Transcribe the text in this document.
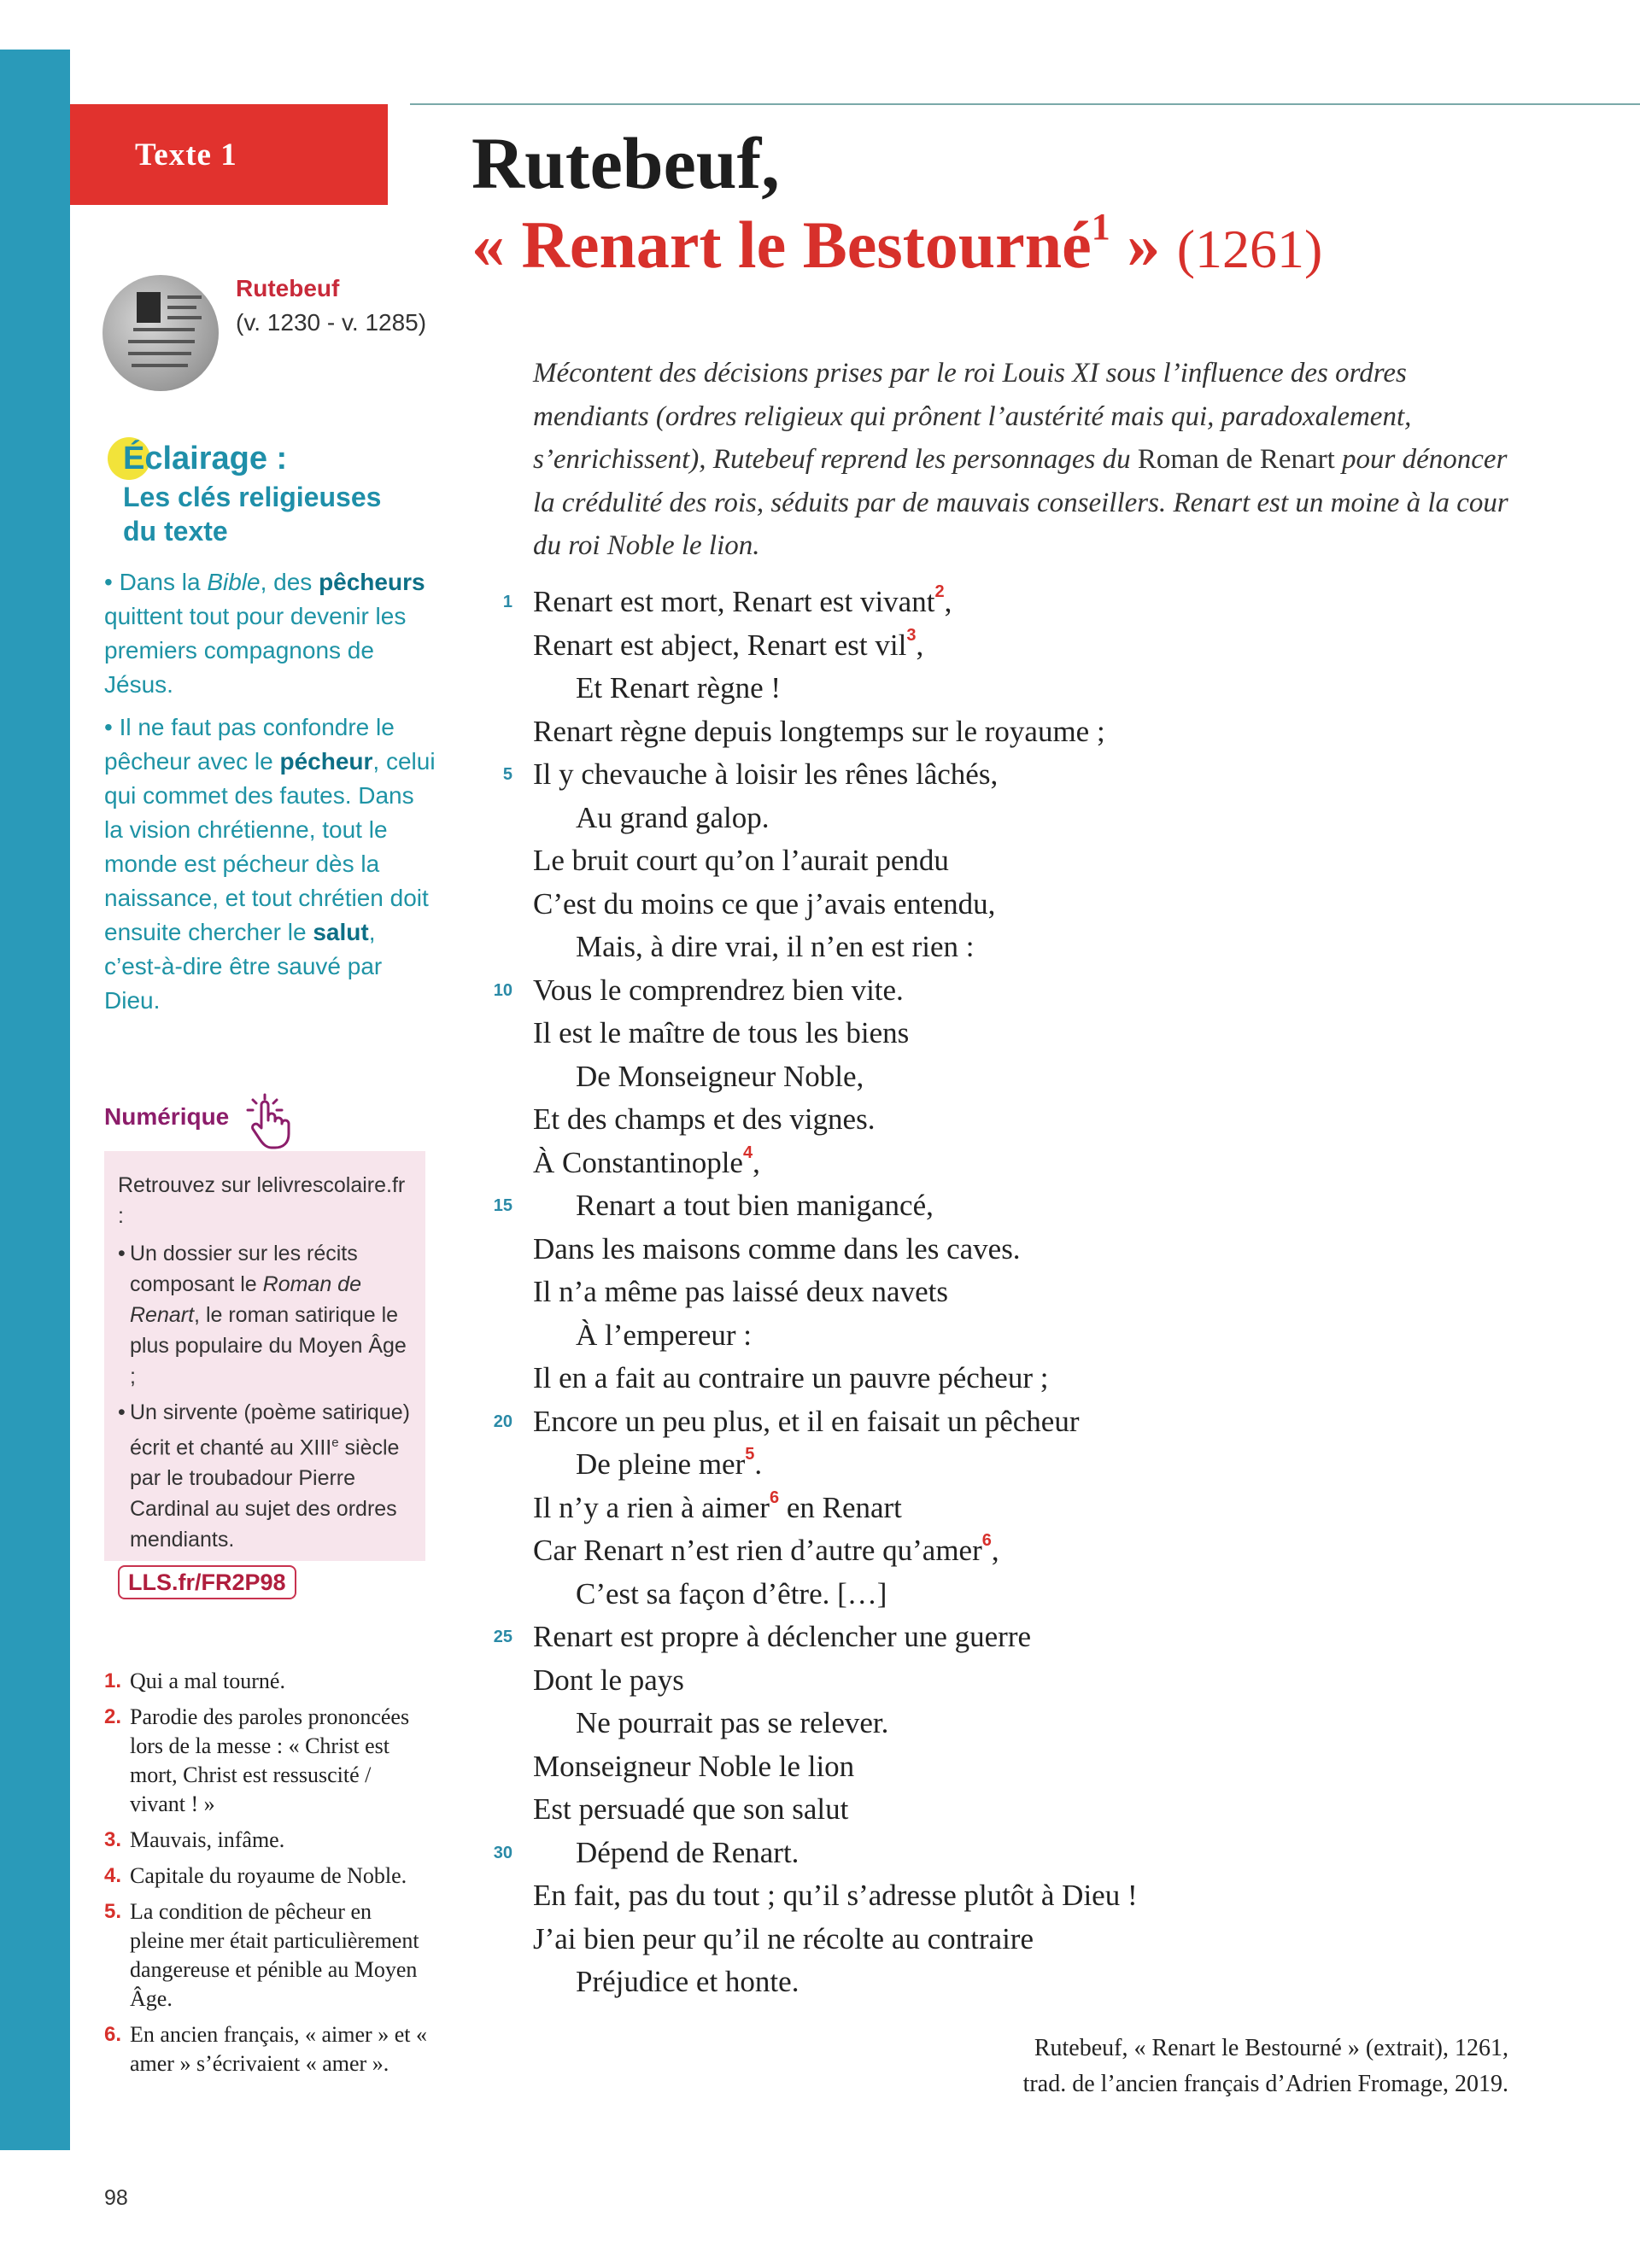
Texte 1	Rutebeuf,
« Renart le Bestourné$^1$ » (1261)
Rutebeuf
(v. 1230 - v. 1285)
Éclairage :
Les clés religieuses du texte

• Dans la Bible, des pêcheurs quittent tout pour devenir les premiers compagnons de Jésus.

• Il ne faut pas confondre le pêcheur avec le pécheur, celui qui commet des fautes. Dans la vision chrétienne, tout le monde est pécheur dès la naissance, et tout chrétien doit ensuite chercher le salut, c’est-à-dire être sauvé par Dieu.

Numérique

Retrouvez sur lelivrescolaire.fr :

• Un dossier sur les récits composant le Roman de Renart, le roman satirique le plus populaire du Moyen Âge ;
• Un sirvente (poème satirique) écrit et chanté au XIIIe siècle par le troubadour Pierre Cardinal au sujet des ordres mendiants.
LLS.fr/FR2P98
1. Qui a mal tourné.
2. Parodie des paroles prononcées lors de la messe : « Christ est mort, Christ est ressuscité / vivant ! »
3. Mauvais, infâme.
4. Capitale du royaume de Noble.
5. La condition de pêcheur en pleine mer était particulièrement dangereuse et pénible au Moyen Âge.
6. En ancien français, « aimer » et « amer » s’écrivaient « amer ».
98
Mécontent des décisions prises par le roi Louis XI sous l’influence des ordres mendiants (ordres religieux qui prônent l’austérité mais qui, paradoxalement, s’enrichissent), Rutebeuf reprend les personnages du Roman de Renart pour dénoncer la crédulité des rois, séduits par de mauvais conseillers. Renart est un moine à la cour du roi Noble le lion.
1 Renart est mort, Renart est vivant$^2$,
Renart est abject, Renart est vil$^3$,
Et Renart règne !
Renart règne depuis longtemps sur le royaume ;
5 Il y chevauche à loisir les rênes lâchés,
Au grand galop.
Le bruit court qu’on l’aurait pendu
C’est du moins ce que j’avais entendu,
Mais, à dire vrai, il n’en est rien :
10 Vous le comprendrez bien vite.
Il est le maître de tous les biens
De Monseigneur Noble,
Et des champs et des vignes.
À Constantinople$^4$,
15 Renart a tout bien manigancé,
Dans les maisons comme dans les caves.
Il n’a même pas laissé deux navets
À l’empereur :
Il en a fait au contraire un pauvre pécheur ;
20 Encore un peu plus, et il en faisait un pêcheur
De pleine mer$^5$.
Il n’y a rien à aimer$^6$ en Renart
Car Renart n’est rien d’autre qu’amer$^6$,
C’est sa façon d’être. […]
25 Renart est propre à déclencher une guerre
Dont le pays
Ne pourrait pas se relever.
Monseigneur Noble le lion
Est persuadé que son salut
30 Dépend de Renart.
En fait, pas du tout ; qu’il s’adresse plutôt à Dieu !
J’ai bien peur qu’il ne récolte au contraire
Préjudice et honte.
Rutebeuf, « Renart le Bestourné » (extrait), 1261,
trad. de l’ancien français d’Adrien Fromage, 2019.
